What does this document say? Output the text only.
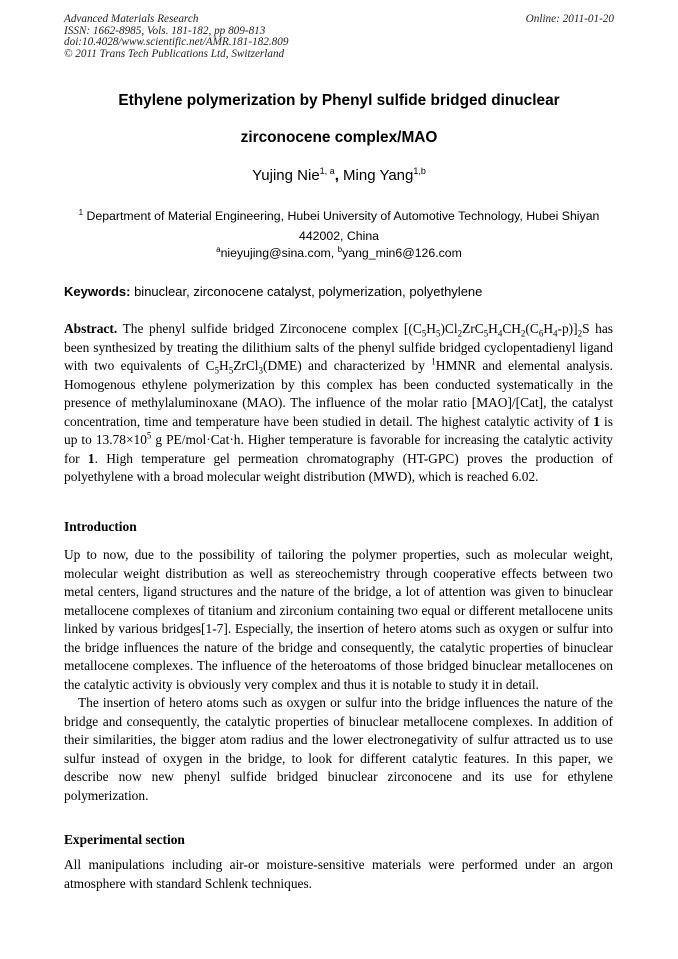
Advanced Materials Research
ISSN: 1662-8985, Vols. 181-182, pp 809-813
doi:10.4028/www.scientific.net/AMR.181-182.809
© 2011 Trans Tech Publications Ltd, Switzerland
Online: 2011-01-20
Ethylene polymerization by Phenyl sulfide bridged dinuclear
zirconocene complex/MAO
Yujing Nie$^{1, a}$, Ming Yang$^{1,b}$
$^1$ Department of Material Engineering, Hubei University of Automotive Technology, Hubei Shiyan 442002, China
$^a$nieyujing@sina.com, $^b$yang_min6@126.com
Keywords: binuclear, zirconocene catalyst, polymerization, polyethylene
Abstract. The phenyl sulfide bridged Zirconocene complex $[(C_5H_5)Cl_2ZrC_5H_4CH_2(C_6H_4-p)]_2S$ has been synthesized by treating the dilithium salts of the phenyl sulfide bridged cyclopentadienyl ligand with two equivalents of $C_5H_5ZrCl_3(DME)$ and characterized by $^1$HMNR and elemental analysis. Homogenous ethylene polymerization by this complex has been conducted systematically in the presence of methylaluminoxane (MAO). The influence of the molar ratio [MAO]/[Cat], the catalyst concentration, time and temperature have been studied in detail. The highest catalytic activity of 1 is up to $13.78\times 10^5$ g PE/mol·Cat·h. Higher temperature is favorable for increasing the catalytic activity for 1. High temperature gel permeation chromatography (HT-GPC) proves the production of polyethylene with a broad molecular weight distribution (MWD), which is reached 6.02.
Introduction

Up to now, due to the possibility of tailoring the polymer properties, such as molecular weight, molecular weight distribution as well as stereochemistry through cooperative effects between two metal centers, ligand structures and the nature of the bridge, a lot of attention was given to binuclear metallocene complexes of titanium and zirconium containing two equal or different metallocene units linked by various bridges[1-7]. Especially, the insertion of hetero atoms such as oxygen or sulfur into the bridge influences the nature of the bridge and consequently, the catalytic properties of binuclear metallocene complexes. The influence of the heteroatoms of those bridged binuclear metallocenes on the catalytic activity is obviously very complex and thus it is notable to study it in detail.

The insertion of hetero atoms such as oxygen or sulfur into the bridge influences the nature of the bridge and consequently, the catalytic properties of binuclear metallocene complexes. In addition of their similarities, the bigger atom radius and the lower electronegativity of sulfur attracted us to use sulfur instead of oxygen in the bridge, to look for different catalytic features. In this paper, we describe now new phenyl sulfide bridged binuclear zirconocene and its use for ethylene polymerization.

Experimental section
All manipulations including air-or moisture-sensitive materials were performed under an argon atmosphere with standard Schlenk techniques.
